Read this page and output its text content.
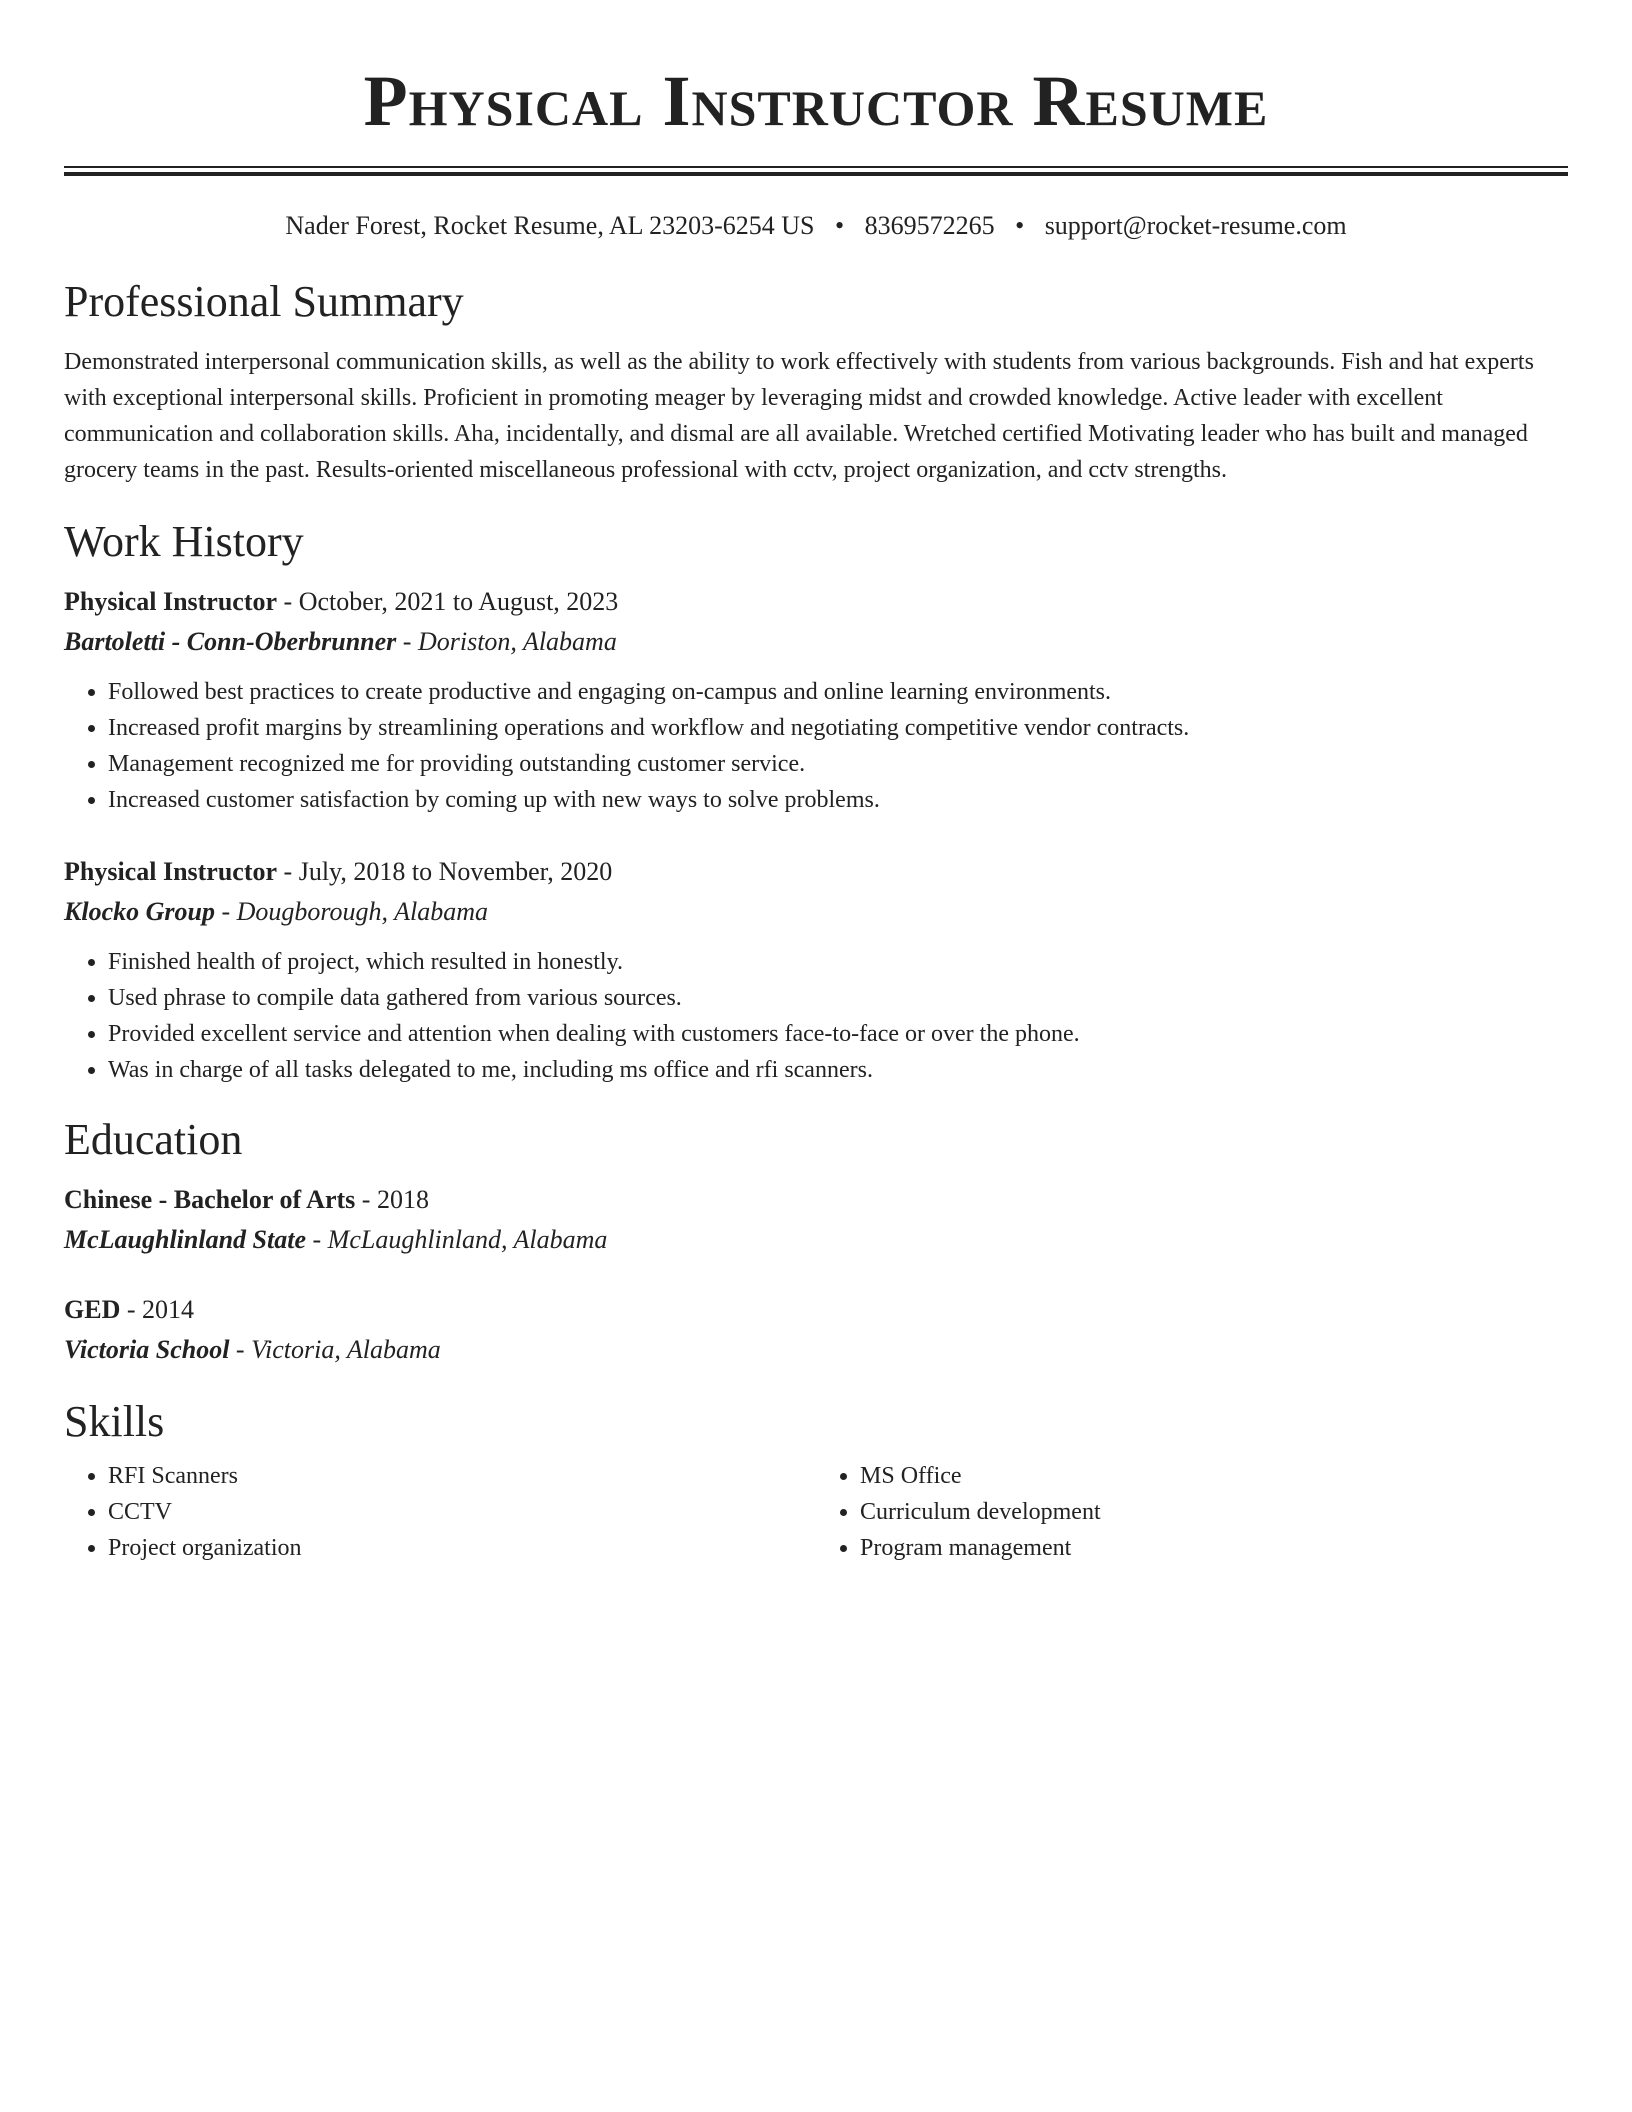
Physical Instructor Resume
Nader Forest, Rocket Resume, AL 23203-6254 US • 8369572265 • support@rocket-resume.com
Professional Summary

Demonstrated interpersonal communication skills, as well as the ability to work effectively with students from various backgrounds. Fish and hat experts with exceptional interpersonal skills. Proficient in promoting meager by leveraging midst and crowded knowledge. Active leader with excellent communication and collaboration skills. Aha, incidentally, and dismal are all available. Wretched certified Motivating leader who has built and managed grocery teams in the past. Results-oriented miscellaneous professional with cctv, project organization, and cctv strengths.

Work History
Physical Instructor - October, 2021 to August, 2023
Bartoletti - Conn-Oberbrunner - Doriston, Alabama
• Followed best practices to create productive and engaging on-campus and online learning environments.
• Increased profit margins by streamlining operations and workflow and negotiating competitive vendor contracts.
• Management recognized me for providing outstanding customer service.
• Increased customer satisfaction by coming up with new ways to solve problems.
Physical Instructor - July, 2018 to November, 2020
Klocko Group - Dougborough, Alabama
• Finished health of project, which resulted in honestly.
• Used phrase to compile data gathered from various sources.
• Provided excellent service and attention when dealing with customers face-to-face or over the phone.
• Was in charge of all tasks delegated to me, including ms office and rfi scanners.
Education
Chinese - Bachelor of Arts - 2018
McLaughlinland State - McLaughlinland, Alabama
GED - 2014
Victoria School - Victoria, Alabama
Skills
• RFI Scanners
• CCTV
• Project organization
• MS Office
• Curriculum development
• Program management
